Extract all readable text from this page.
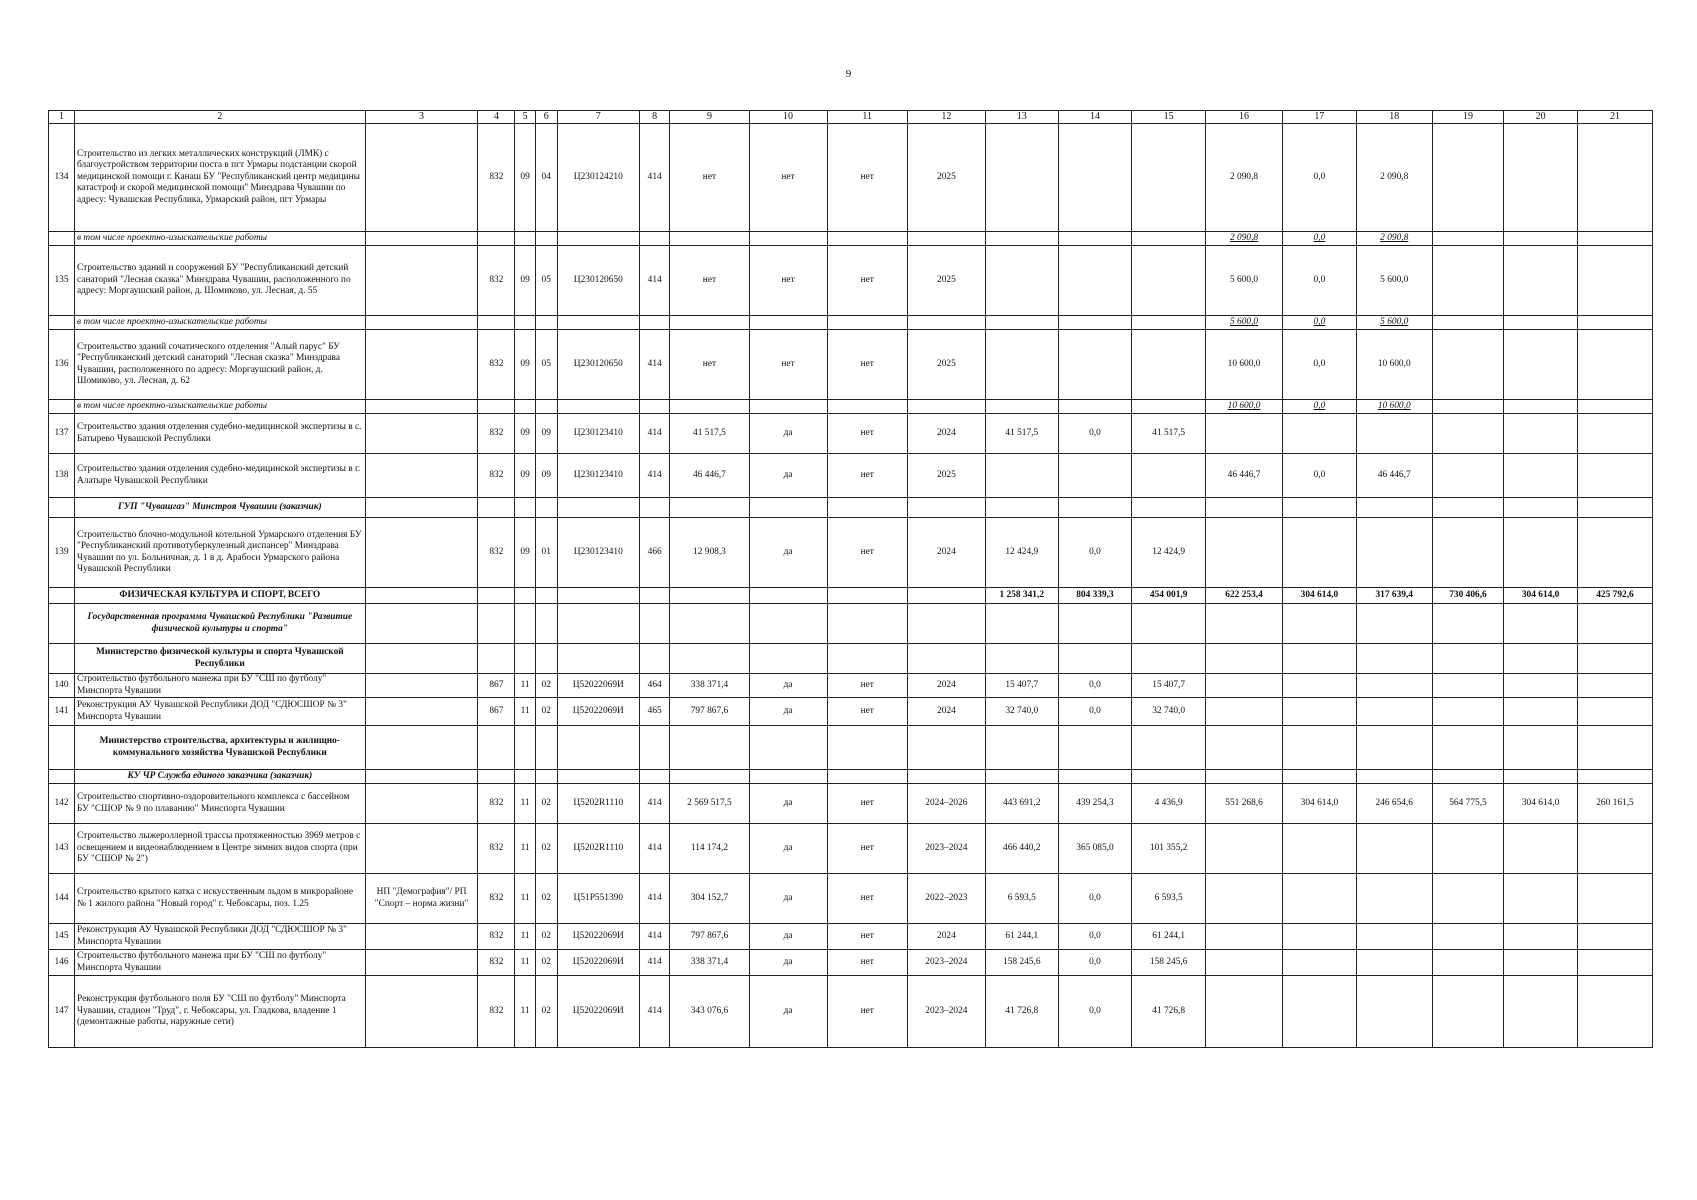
9
1	2	3	4	5	6	7	8	9	10	11	12	13	14	15	16	17	18	19	20	21
134	Строительство из легких металлических конструкций (ЛМК) с благоустройством территории поста в пгт Урмары подстанции скорой медицинской помощи г. Канаш БУ "Республиканский центр медицины катастроф и скорой медицинской помощи" Минздрава Чувашии по адресу: Чувашская Республика, Урмарский район, пгт Урмары		832	09	04	Ц230124210	414	нет	нет	нет	2025				2 090,8	0,0	2 090,8			
	в том числе проектно-изыскательские работы														2 090,8	0,0	2 090,8			
135	Строительство зданий и сооружений БУ "Республиканский детский санаторий "Лесная сказка" Минздрава Чувашии, расположенного по адресу: Моргаушский район, д. Шомиково, ул. Лесная, д. 55		832	09	05	Ц230120650	414	нет	нет	нет	2025				5 600,0	0,0	5 600,0			
	в том числе проектно-изыскательские работы														5 600,0	0,0	5 600,0			
136	Строительство зданий сочатического отделения "Алый парус" БУ "Республиканский детский санаторий "Лесная сказка" Минздрава Чувашии, расположенного по адресу: Моргаушский район, д. Шомиково, ул. Лесная, д. 62		832	09	05	Ц230120650	414	нет	нет	нет	2025				10 600,0	0,0	10 600,0			
	в том числе проектно-изыскательские работы														10 600,0	0,0	10 600,0			
137	Строительство здания отделения судебно-медицинской экспертизы в с. Батырево Чувашской Республики		832	09	09	Ц230123410	414	41 517,5	да	нет	2024	41 517,5	0,0	41 517,5						
138	Строительство здания отделения судебно-медицинской экспертизы в г. Алатыре Чувашской Республики		832	09	09	Ц230123410	414	46 446,7	да	нет	2025				46 446,7	0,0	46 446,7			
	ГУП "Чувашгаз" Минстроя Чувашии (заказчик)																			
139	Строительство блочно-модульной котельной Урмарского отделения БУ "Республиканский противотуберкулезный диспансер" Минздрава Чувашии по ул. Больничная, д. 1 в д. Арабоси Урмарского района Чувашской Республики		832	09	01	Ц230123410	466	12 908,3	да	нет	2024	12 424,9	0,0	12 424,9						
	ФИЗИЧЕСКАЯ КУЛЬТУРА И СПОРТ, ВСЕГО											1 258 341,2	804 339,3	454 001,9	622 253,4	304 614,0	317 639,4	730 406,6	304 614,0	425 792,6
	Государственная программа Чувашской Республики "Развитие физической культуры и спорта"																			
	Министерство физической культуры и спорта Чувашской Республики																			
140	Строительство футбольного манежа при БУ "СШ по футболу" Минспорта Чувашии		867	11	02	Ц52022069И	464	338 371,4	да	нет	2024	15 407,7	0,0	15 407,7						
141	Реконструкция АУ Чувашской Республики ДОД "СДЮСШОР № 3" Минспорта Чувашии		867	11	02	Ц52022069И	465	797 867,6	да	нет	2024	32 740,0	0,0	32 740,0						
	Министерство строительства, архитектуры и жилищно-коммунального хозяйства Чувашской Республики																			
	КУ ЧР Служба единого заказчика (заказчик)																			
142	Строительство спортивно-оздоровительного комплекса с бассейном БУ "СШОР № 9 по плаванию" Минспорта Чувашии		832	11	02	Ц5202R1110	414	2 569 517,5	да	нет	2024–2026	443 691,2	439 254,3	4 436,9	551 268,6	304 614,0	246 654,6	564 775,5	304 614,0	260 161,5
143	Строительство лыжероллерной трассы протяженностью 3969 метров с освещением и видеонаблюдением в Центре зимних видов спорта (при БУ "СШОР № 2")		832	11	02	Ц5202R1110	414	114 174,2	да	нет	2023–2024	466 440,2	365 085,0	101 355,2						
144	Строительство крытого катка с искусственным льдом в микрорайоне № 1 жилого района "Новый город" г. Чебоксары, поз. 1.25	НП "Демография"/ РП "Спорт – норма жизни"	832	11	02	Ц51Р551390	414	304 152,7	да	нет	2022–2023	6 593,5	0,0	6 593,5						
145	Реконструкция АУ Чувашской Республики ДОД "СДЮСШОР № 3" Минспорта Чувашии		832	11	02	Ц52022069И	414	797 867,6	да	нет	2024	61 244,1	0,0	61 244,1						
146	Строительство футбольного манежа при БУ "СШ по футболу" Минспорта Чувашии		832	11	02	Ц52022069И	414	338 371,4	да	нет	2023–2024	158 245,6	0,0	158 245,6						
147	Реконструкция футбольного поля БУ "СШ по футболу" Минспорта Чувашии, стадион "Труд", г. Чебоксары, ул. Гладкова, владение 1 (демонтажные работы, наружные сети)		832	11	02	Ц52022069И	414	343 076,6	да	нет	2023–2024	41 726,8	0,0	41 726,8						
